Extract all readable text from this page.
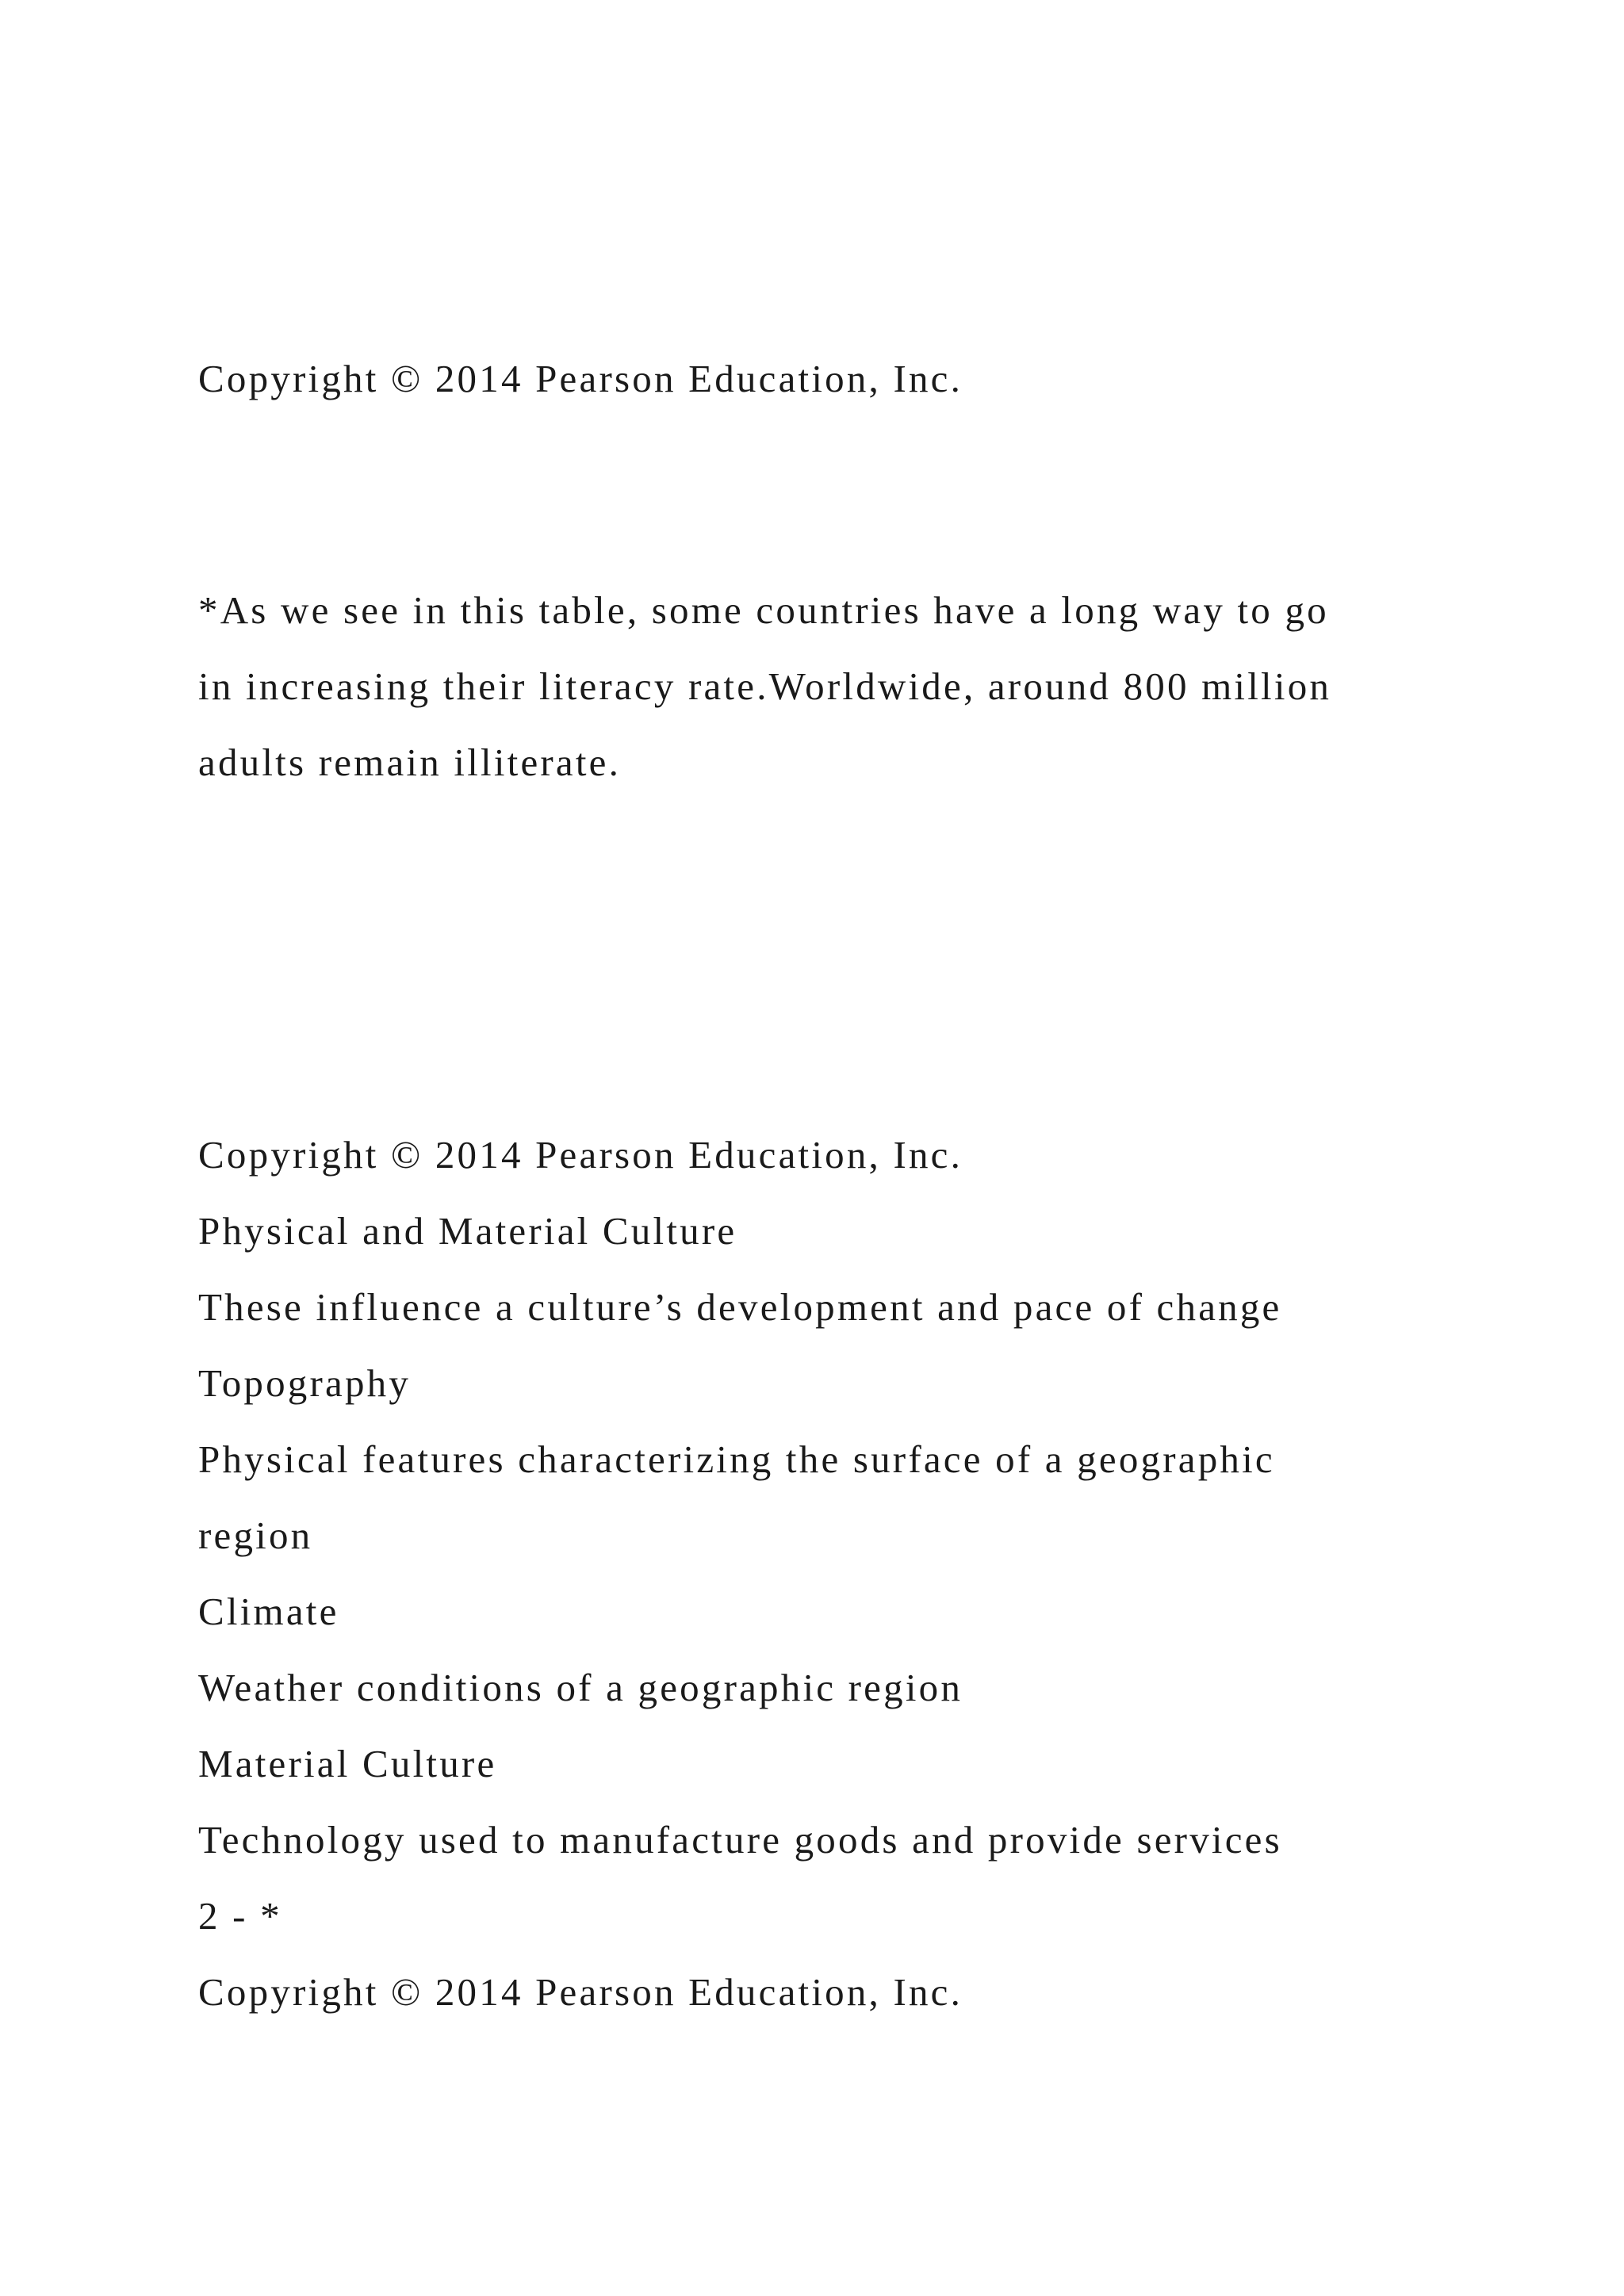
Copyright © 2014 Pearson Education, Inc.
*As we see in this table, some countries have a long way to go
in increasing their literacy rate.Worldwide, around 800 million
adults remain illiterate.
Copyright © 2014 Pearson Education, Inc.
Physical and Material Culture
These influence a culture’s development and pace of change
Topography
Physical features characterizing the surface of a geographic
region
Climate
Weather conditions of a geographic region
Material Culture
Technology used to manufacture goods and provide services
2 - *
Copyright © 2014 Pearson Education, Inc.
